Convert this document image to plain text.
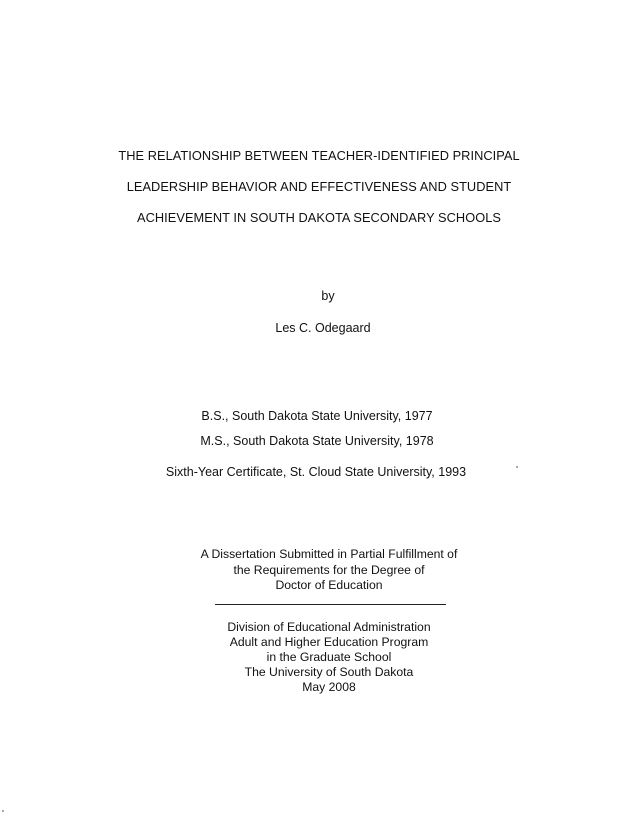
THE RELATIONSHIP BETWEEN TEACHER-IDENTIFIED PRINCIPAL
LEADERSHIP BEHAVIOR AND EFFECTIVENESS AND STUDENT
ACHIEVEMENT IN SOUTH DAKOTA SECONDARY SCHOOLS
by
Les C. Odegaard
B.S., South Dakota State University, 1977
M.S., South Dakota State University, 1978
Sixth-Year Certificate, St. Cloud State University, 1993
A Dissertation Submitted in Partial Fulfillment of
the Requirements for the Degree of
Doctor of Education
Division of Educational Administration
Adult and Higher Education Program
in the Graduate School
The University of South Dakota
May 2008
